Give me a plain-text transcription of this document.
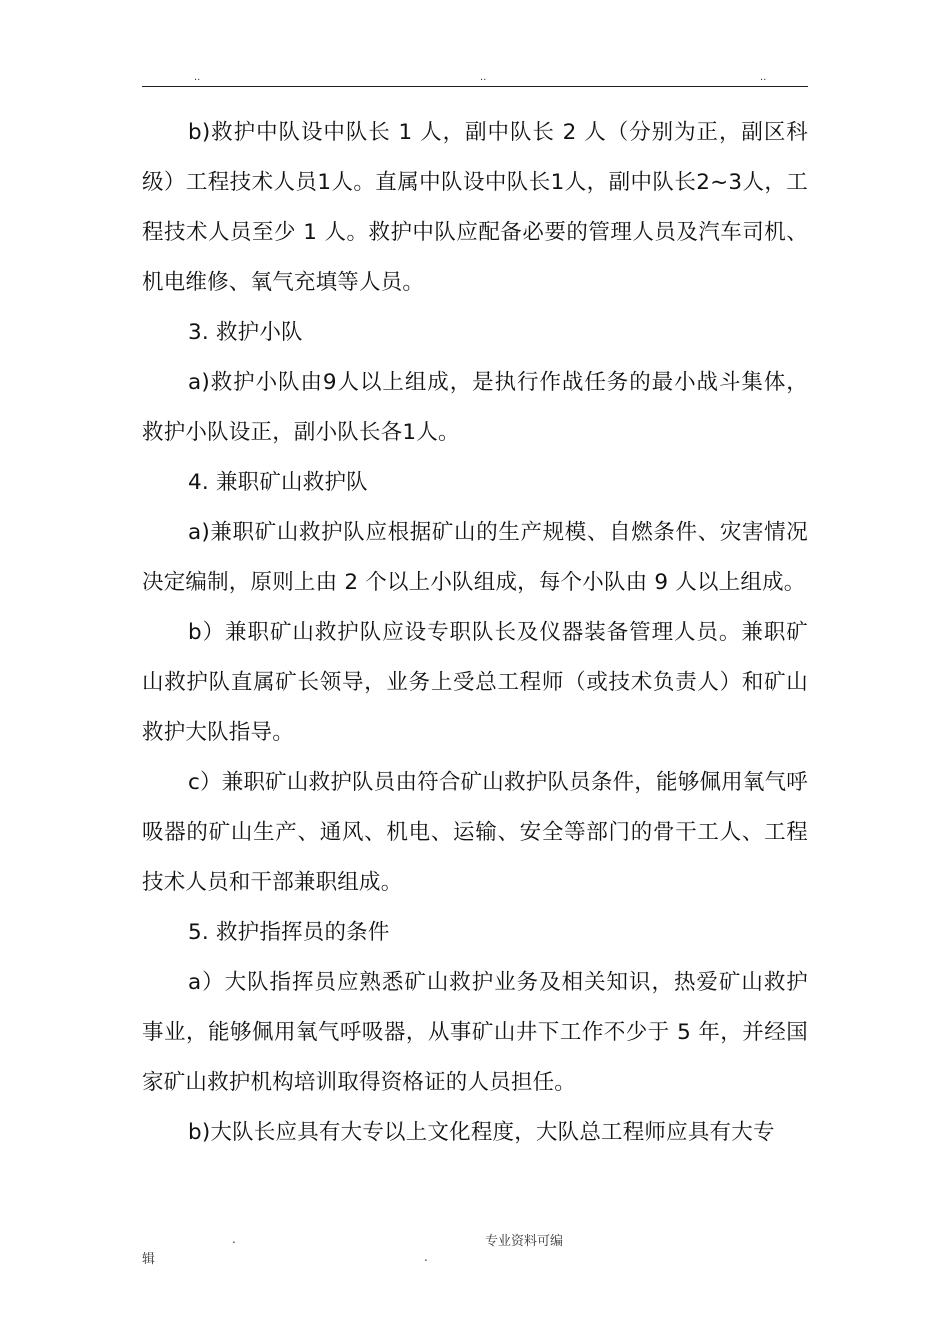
..	..	..

b)救护中队设中队长 1 人，副中队长 2 人（分别为正，副区科级）工程技术人员1人。直属中队设中队长1人，副中队长2~3人，工程技术人员至少 1 人。救护中队应配备必要的管理人员及汽车司机、机电维修、氧气充填等人员。

3. 救护小队

a)救护小队由9人以上组成，是执行作战任务的最小战斗集体，救护小队设正，副小队长各1人。

4. 兼职矿山救护队

a)兼职矿山救护队应根据矿山的生产规模、自燃条件、灾害情况决定编制，原则上由 2 个以上小队组成，每个小队由 9 人以上组成。

b）兼职矿山救护队应设专职队长及仪器装备管理人员。兼职矿山救护队直属矿长领导，业务上受总工程师（或技术负责人）和矿山救护大队指导。

c）兼职矿山救护队员由符合矿山救护队员条件，能够佩用氧气呼吸器的矿山生产、通风、机电、运输、安全等部门的骨干工人、工程技术人员和干部兼职组成。

5. 救护指挥员的条件

a）大队指挥员应熟悉矿山救护业务及相关知识，热爱矿山救护事业，能够佩用氧气呼吸器，从事矿山井下工作不少于 5 年，并经国家矿山救护机构培训取得资格证的人员担任。

b)大队长应具有大专以上文化程度，大队总工程师应具有大专

.	专业资料可编
辑	.
